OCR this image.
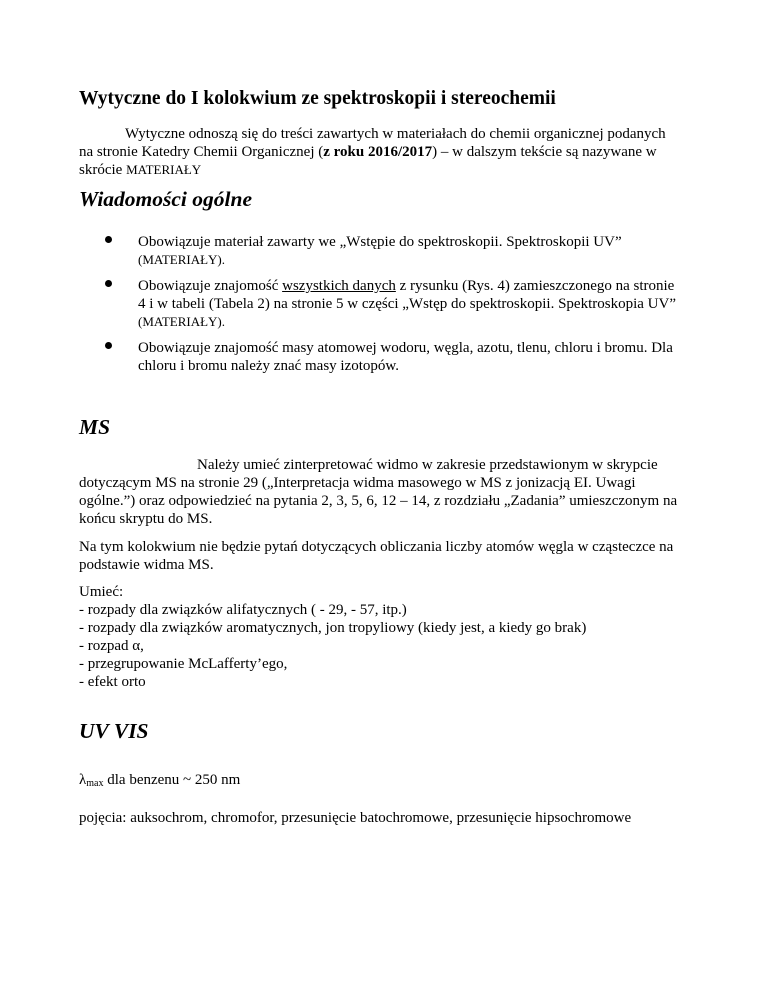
Wytyczne do I kolokwium ze spektroskopii i stereochemii

Wytyczne odnoszą się do treści zawartych w materiałach do chemii organicznej podanych na stronie Katedry Chemii Organicznej (z roku 2016/2017) – w dalszym tekście są nazywane w skrócie MATERIAŁY

Wiadomości ogólne
Obowiązuje materiał zawarty we „Wstępie do spektroskopii. Spektroskopii UV” (MATERIAŁY).
Obowiązuje znajomość wszystkich danych z rysunku (Rys. 4) zamieszczonego na stronie 4 i w tabeli (Tabela 2) na stronie 5 w części „Wstęp do spektroskopii. Spektroskopia UV” (MATERIAŁY).
Obowiązuje znajomość masy atomowej wodoru, węgla, azotu, tlenu, chloru i bromu. Dla chloru i bromu należy znać masy izotopów.
MS

Należy umieć zinterpretować widmo w zakresie przedstawionym w skrypcie dotyczącym MS na stronie 29 („Interpretacja widma masowego w MS z jonizacją EI. Uwagi ogólne.”) oraz odpowiedzieć na pytania 2, 3, 5, 6, 12 – 14, z rozdziału „Zadania” umieszczonym na końcu skryptu do MS.

Na tym kolokwium nie będzie pytań dotyczących obliczania liczby atomów węgla w cząsteczce na podstawie widma MS.

Umieć:
- rozpady dla związków alifatycznych ( - 29, - 57, itp.)
- rozpady dla związków aromatycznych, jon tropyliowy (kiedy jest, a kiedy go brak)
- rozpad α,
- przegrupowanie McLafferty’ego,
- efekt orto
UV VIS

$\lambda_{max}$ dla benzenu ~ 250 nm

pojęcia: auksochrom, chromofor, przesunięcie batochromowe, przesunięcie hipsochromowe
